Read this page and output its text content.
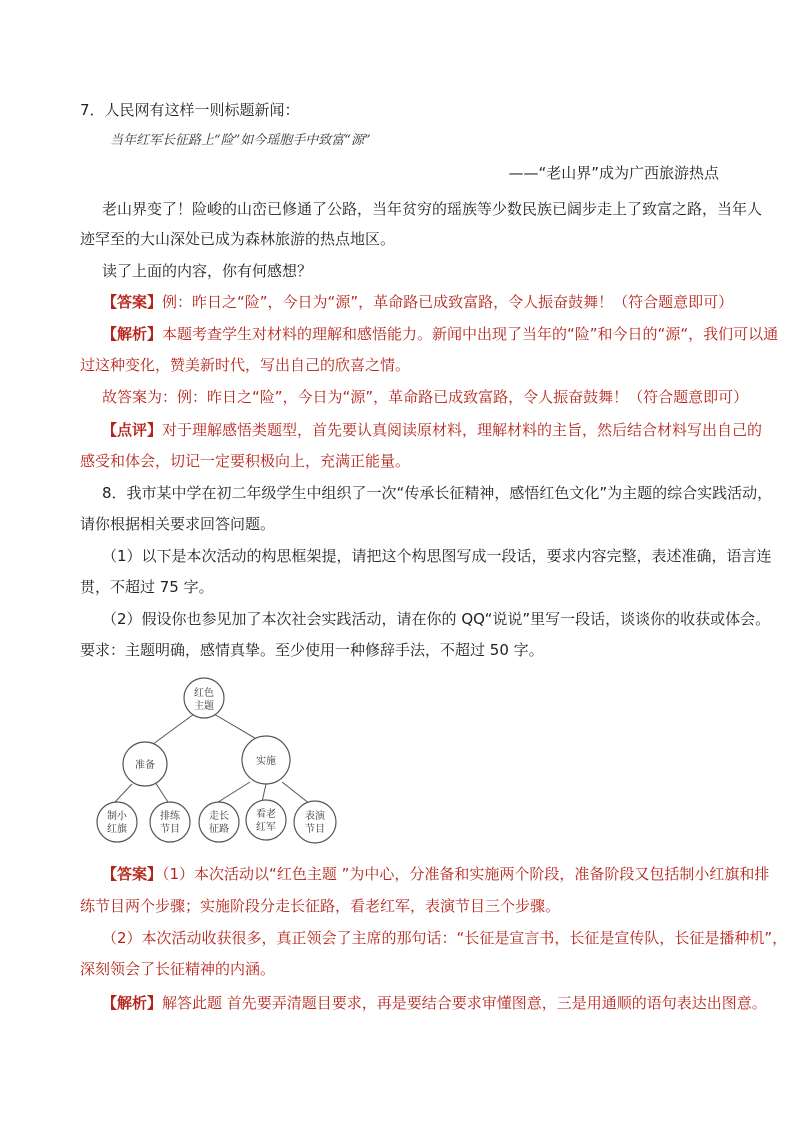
7．人民网有这样一则标题新闻：
当年红军长征路上“险”如今瑶胞手中致富“源”
——“老山界”成为广西旅游热点
老山界变了！险峻的山峦已修通了公路，当年贫穷的瑶族等少数民族已阔步走上了致富之路，当年人
迹罕至的大山深处已成为森林旅游的热点地区。
读了上面的内容，你有何感想？
【答案】例：昨日之“险”，今日为“源”，革命路已成致富路，令人振奋鼓舞！（符合题意即可）
【解析】本题考查学生对材料的理解和感悟能力。新闻中出现了当年的“险”和今日的“源“，我们可以通
过这种变化，赞美新时代，写出自己的欣喜之情。
故答案为：例：昨日之“险”，今日为“源”，革命路已成致富路，令人振奋鼓舞！（符合题意即可）
【点评】对于理解感悟类题型，首先要认真阅读原材料，理解材料的主旨，然后结合材料写出自己的
感受和体会，切记一定要积极向上，充满正能量。
8．我市某中学在初二年级学生中组织了一次“传承长征精神，感悟红色文化”为主题的综合实践活动，
请你根据相关要求回答问题。
（1）以下是本次活动的构思框架提，请把这个构思图写成一段话，要求内容完整，表述准确，语言连
贯，不超过 75 字。
（2）假设你也参见加了本次社会实践活动，请在你的 QQ“说说”里写一段话，谈谈你的收获或体会。
要求：主题明确，感情真挚。至少使用一种修辞手法，不超过 50 字。
红色
主题
准备	实施
制小
红旗
排练
节目
走长
征路
看老
红军
表演
节目
【答案】（1）本次活动以“红色主题 ”为中心，分准备和实施两个阶段，准备阶段又包括制小红旗和排
练节目两个步骤；实施阶段分走长征路，看老红军，表演节目三个步骤。
（2）本次活动收获很多，真正领会了主席的那句话：“长征是宣言书，长征是宣传队，长征是播种机”，
深刻领会了长征精神的内涵。
【解析】解答此题 首先要弄清题目要求，再是要结合要求审懂图意，三是用通顺的语句表达出图意。
